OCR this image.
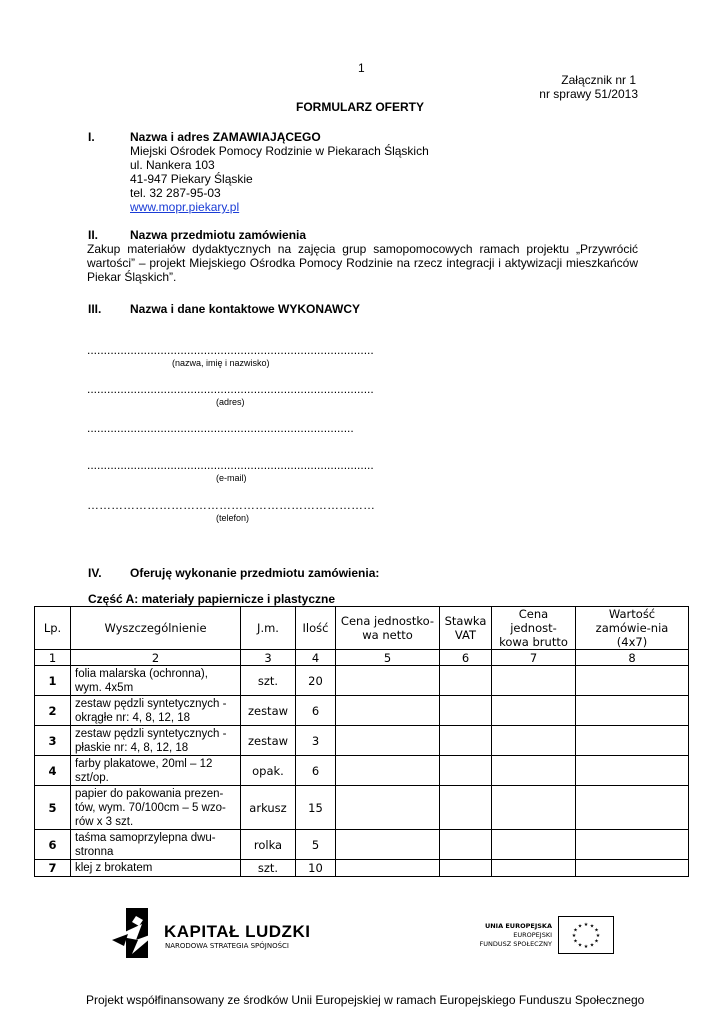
1
Załącznik nr 1
nr sprawy 51/2013
FORMULARZ OFERTY
I.	Nazwa i adres ZAMAWIAJĄCEGO
Miejski Ośrodek Pomocy Rodzinie w Piekarach Śląskich
ul. Nankera 103
41-947 Piekary Śląskie
tel. 32 287-95-03
www.mopr.piekary.pl
II.	Nazwa przedmiotu zamówienia
Zakup materiałów dydaktycznych na zajęcia grup samopomocowych ramach projektu „Przywrócić wartości” – projekt Miejskiego Ośrodka Pomocy Rodzinie na rzecz integracji i aktywizacji mieszkańców Piekar Śląskich”.
III. Nazwa i dane kontaktowe WYKONAWCY
......................................................................................
(nazwa, imię i nazwisko)
......................................................................................
(adres)
................................................................................
......................................................................................
(e-mail)
………………………………………………………………
(telefon)
IV. Oferuję wykonanie przedmiotu zamówienia:
Część A: materiały papiernicze i plastyczne
Lp.	Wyszczególnienie	J.m.	Ilość	Cena jednostko-wa netto	Stawka VAT	Cena jednost-kowa brutto	Wartość zamówie-nia (4x7)
1	2	3	4	5	6	7	8
1	folia malarska (ochronna), wym. 4x5m	szt.	20				
2	zestaw pędzli syntetycznych -okrągłe nr: 4, 8, 12, 18	zestaw	6				
3	zestaw pędzli syntetycznych -płaskie nr: 4, 8, 12, 18	zestaw	3				
4	farby plakatowe, 20ml – 12 szt/op.	opak.	6				
5	papier do pakowania prezen-tów, wym. 70/100cm – 5 wzo-rów x 3 szt.	arkusz	15				
6	taśma samoprzylepna dwu-stronna	rolka	5				
7	klej z brokatem	szt.	10				
KAPITAŁ LUDZKI
NARODOWA STRATEGIA SPÓJNOŚCI
UNIA EUROPEJSKA
EUROPEJSKI
FUNDUSZ SPOŁECZNY
★ ★
★
★
★
★
★
★
★
★
★
★
Projekt współfinansowany ze środków Unii Europejskiej w ramach Europejskiego Funduszu Społecznego
